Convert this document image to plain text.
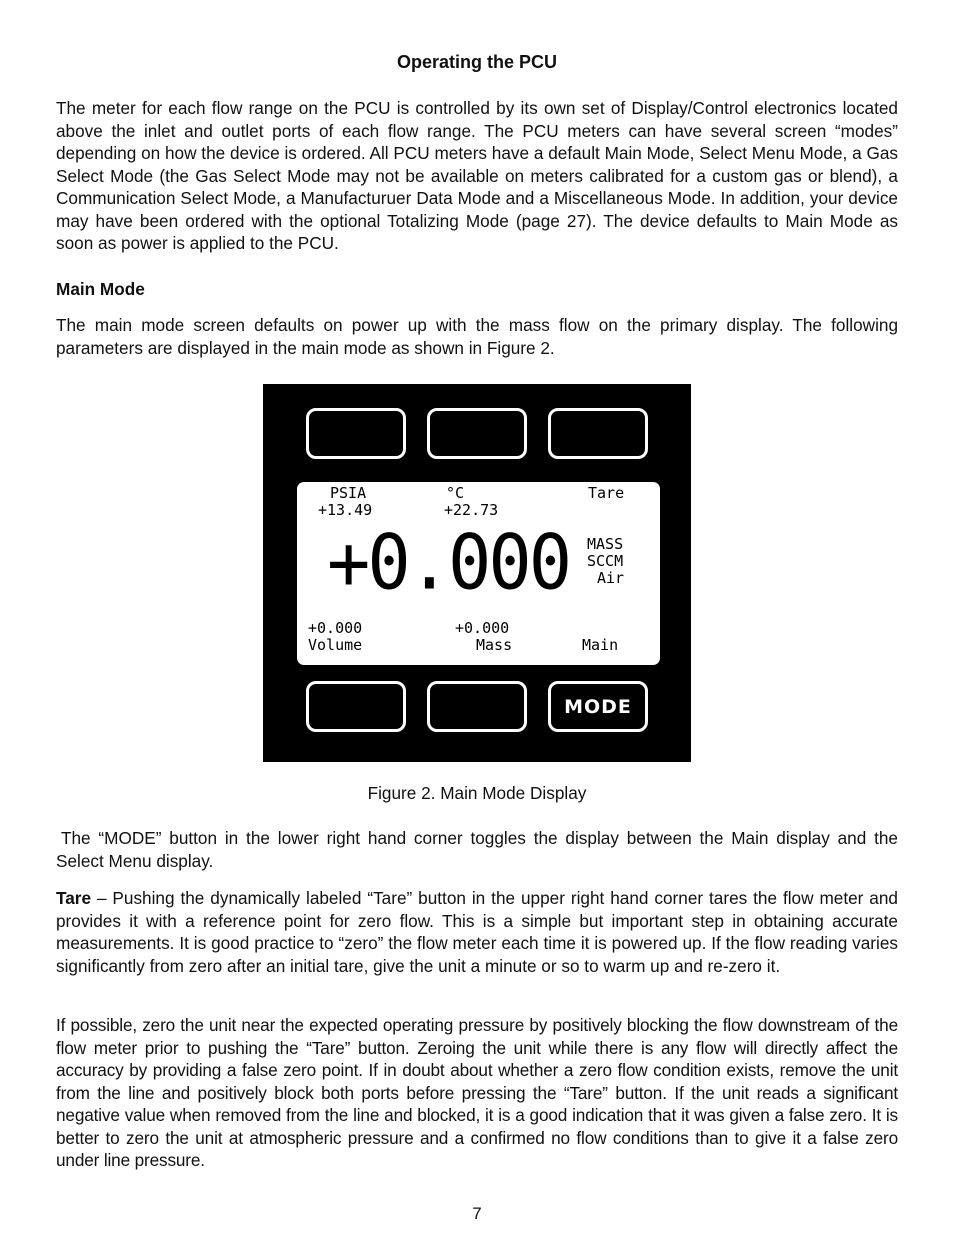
Operating the PCU
The meter for each flow range on the PCU is controlled by its own set of Display/Control electronics located above the inlet and outlet ports of each flow range. The PCU meters can have several screen “modes” depending on how the device is ordered. All PCU meters have a default Main Mode, Select Menu Mode, a Gas Select Mode (the Gas Select Mode may not be available on meters calibrated for a custom gas or blend), a Communication Select Mode, a Manufacturuer Data Mode and a Miscellaneous Mode. In addition, your device may have been ordered with the optional Totalizing Mode (page 27). The device defaults to Main Mode as soon as power is applied to the PCU.
Main Mode
The main mode screen defaults on power up with the mass flow on the primary display. The following parameters are displayed in the main mode as shown in Figure 2.
Figure 2. Main Mode Display
The “MODE” button in the lower right hand corner toggles the display between the Main display and the Select Menu display.
Tare – Pushing the dynamically labeled “Tare” button in the upper right hand corner tares the flow meter and provides it with a reference point for zero flow. This is a simple but important step in obtaining accurate measurements. It is good practice to “zero” the flow meter each time it is powered up. If the flow reading varies significantly from zero after an initial tare, give the unit a minute or so to warm up and re-zero it.
If possible, zero the unit near the expected operating pressure by positively blocking the flow downstream of the flow meter prior to pushing the “Tare” button. Zeroing the unit while there is any flow will directly affect the accuracy by providing a false zero point. If in doubt about whether a zero flow condition exists, remove the unit from the line and positively block both ports before pressing the “Tare” button. If the unit reads a significant negative value when removed from the line and blocked, it is a good indication that it was given a false zero. It is better to zero the unit at atmospheric pressure and a confirmed no flow conditions than to give it a false zero under line pressure.
7
PSIA
+13.49
°C
+22.73
Tare
+0.000 MASS
SCCM
Air
+0.000
Volume
+0.000
Mass	Main
MODE
